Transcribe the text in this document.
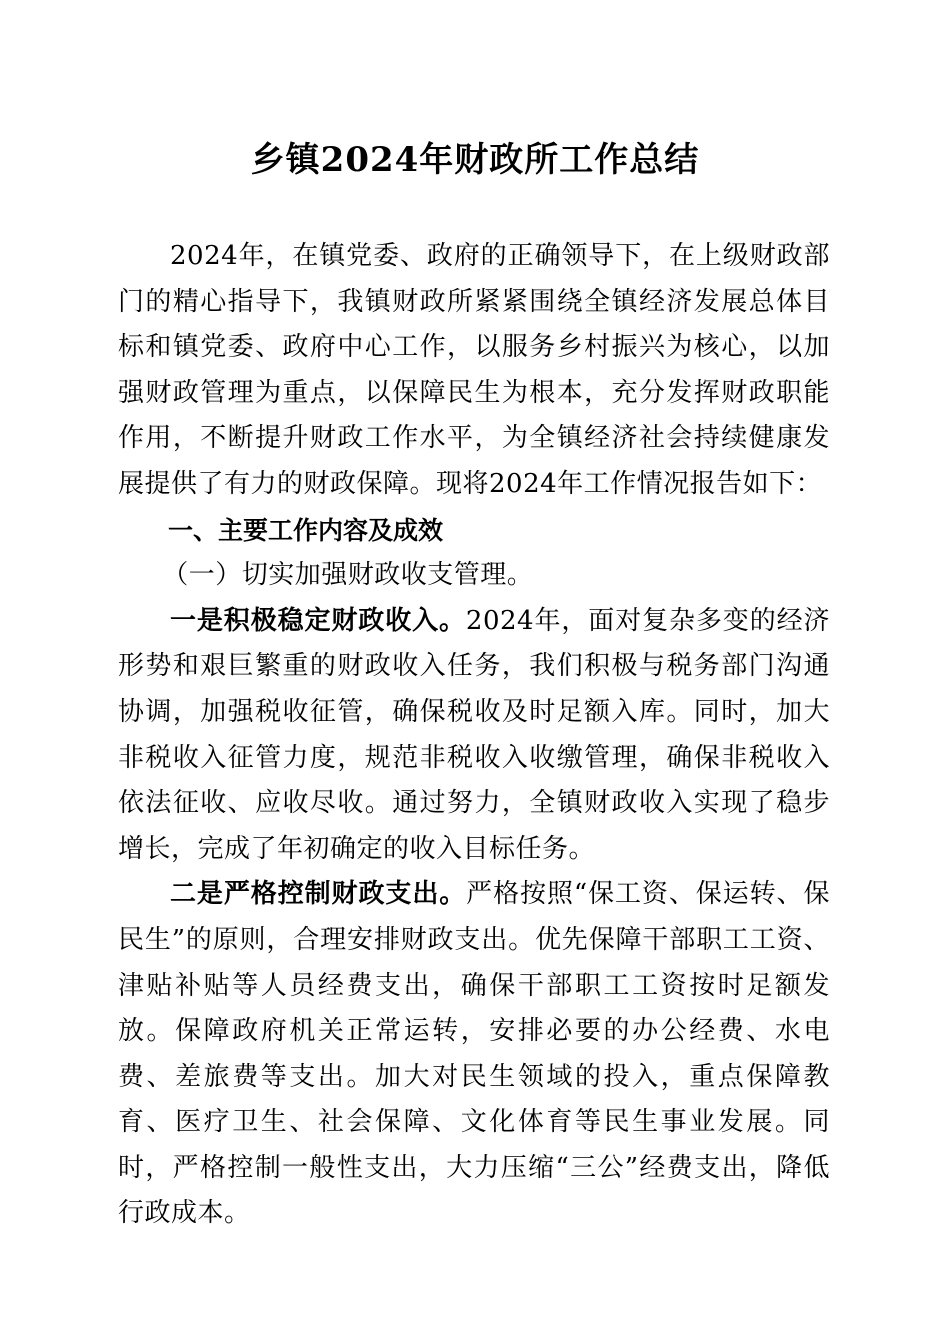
乡镇2024年财政所工作总结

2024年，在镇党委、政府的正确领导下，在上级财政部门的精心指导下，我镇财政所紧紧围绕全镇经济发展总体目标和镇党委、政府中心工作，以服务乡村振兴为核心，以加强财政管理为重点，以保障民生为根本，充分发挥财政职能作用，不断提升财政工作水平，为全镇经济社会持续健康发展提供了有力的财政保障。现将2024年工作情况报告如下：

一、主要工作内容及成效

（一）切实加强财政收支管理。

一是积极稳定财政收入。2024年，面对复杂多变的经济形势和艰巨繁重的财政收入任务，我们积极与税务部门沟通协调，加强税收征管，确保税收及时足额入库。同时，加大非税收入征管力度，规范非税收入收缴管理，确保非税收入依法征收、应收尽收。通过努力，全镇财政收入实现了稳步增长，完成了年初确定的收入目标任务。

二是严格控制财政支出。严格按照“保工资、保运转、保民生”的原则，合理安排财政支出。优先保障干部职工工资、津贴补贴等人员经费支出，确保干部职工工资按时足额发放。保障政府机关正常运转，安排必要的办公经费、水电费、差旅费等支出。加大对民生领域的投入，重点保障教育、医疗卫生、社会保障、文化体育等民生事业发展。同时，严格控制一般性支出，大力压缩“三公”经费支出，降低行政成本。
